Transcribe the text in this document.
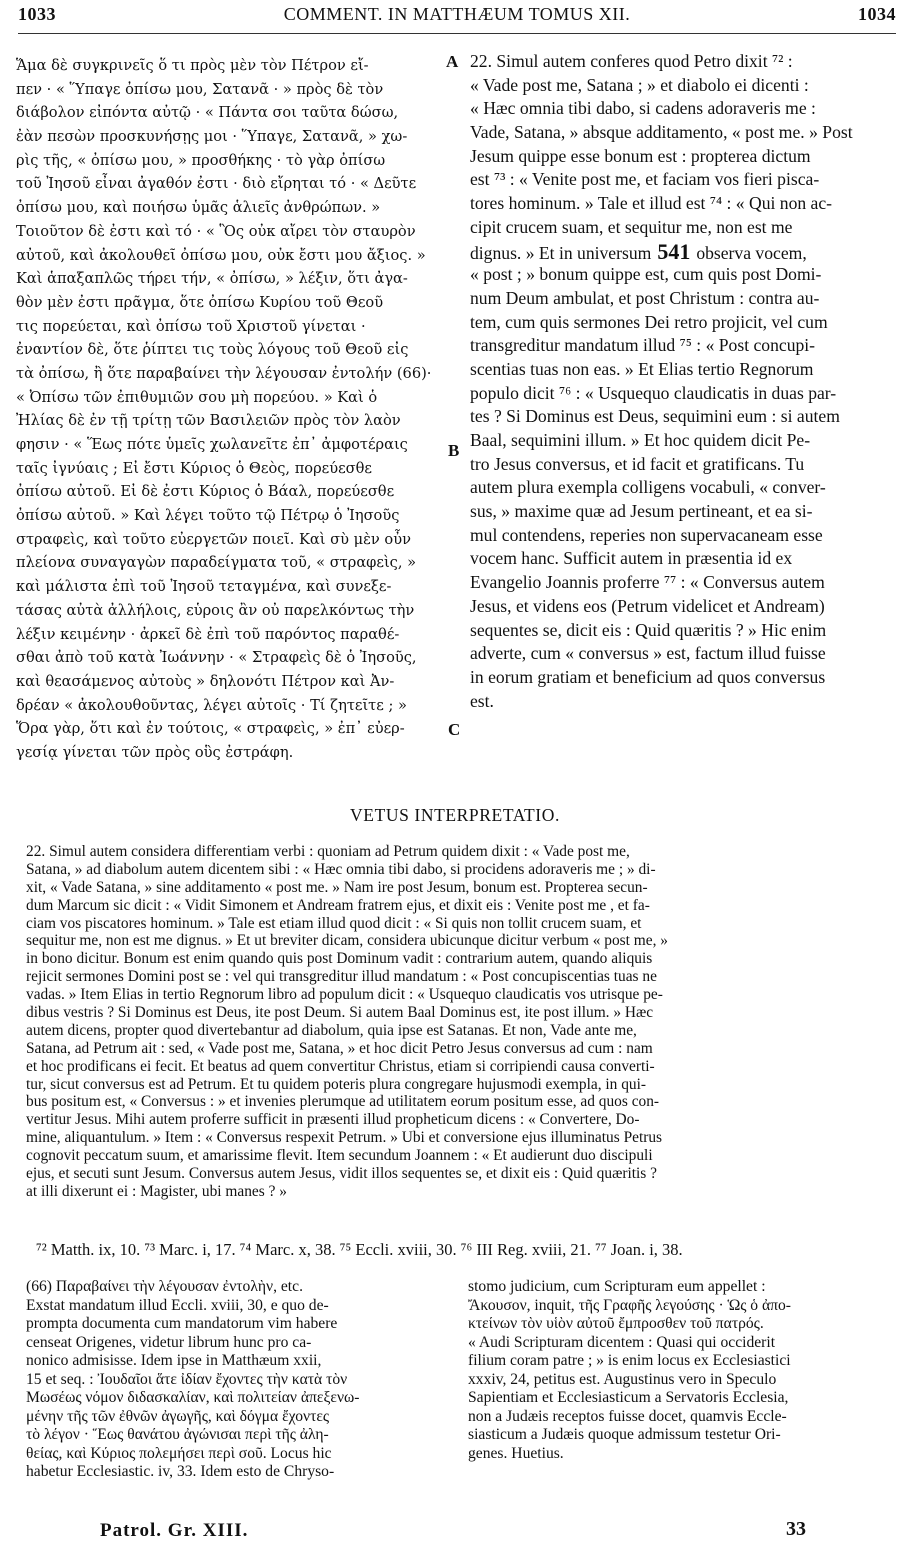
1033	COMMENT. IN MATTHÆUM TOMUS XII.	1034
Ἅμα δὲ συγκρινεῖς ὅ τι πρὸς μὲν τὸν Πέτρον εἴ-
πεν · « Ὕπαγε ὀπίσω μου, Σατανᾶ · » πρὸς δὲ τὸν
διάβολον εἰπόντα αὐτῷ · « Πάντα σοι ταῦτα δώσω,
ἐὰν πεσὼν προσκυνήσῃς μοι · Ὕπαγε, Σατανᾶ, » χω-
ρὶς τῆς, « ὀπίσω μου, » προσθήκης · τὸ γὰρ ὀπίσω
τοῦ Ἰησοῦ εἶναι ἀγαθόν ἐστι · διὸ εἴρηται τό · « Δεῦτε
ὀπίσω μου, καὶ ποιήσω ὑμᾶς ἁλιεῖς ἀνθρώπων. »
Τοιοῦτον δὲ ἐστι καὶ τό · « Ὃς οὐκ αἴρει τὸν σταυρὸν
αὐτοῦ, καὶ ἀκολουθεῖ ὀπίσω μου, οὐκ ἔστι μου ἄξιος. »
Καὶ ἁπαξαπλῶς τήρει τήν, « ὀπίσω, » λέξιν, ὅτι ἀγα-
θὸν μὲν ἐστι πρᾶγμα, ὅτε ὀπίσω Κυρίου τοῦ Θεοῦ
τις πορεύεται, καὶ ὀπίσω τοῦ Χριστοῦ γίνεται ·
ἐναντίον δὲ, ὅτε ῥίπτει τις τοὺς λόγους τοῦ Θεοῦ εἰς
τὰ ὀπίσω, ἢ ὅτε παραβαίνει τὴν λέγουσαν ἐντολήν (66)·
« Ὀπίσω τῶν ἐπιθυμιῶν σου μὴ πορεύου. » Καὶ ὁ
Ἠλίας δὲ ἐν τῇ τρίτῃ τῶν Βασιλειῶν πρὸς τὸν λαὸν
φησιν · « Ἕως πότε ὑμεῖς χωλανεῖτε ἐπ᾽ ἀμφοτέραις
ταῖς ἰγνύαις ; Εἰ ἔστι Κύριος ὁ Θεὸς, πορεύεσθε
ὀπίσω αὐτοῦ. Εἰ δὲ ἐστι Κύριος ὁ Βάαλ, πορεύεσθε
ὀπίσω αὐτοῦ. » Καὶ λέγει τοῦτο τῷ Πέτρῳ ὁ Ἰησοῦς
στραφεὶς, καὶ τοῦτο εὐεργετῶν ποιεῖ. Καὶ σὺ μὲν οὖν
πλείονα συναγαγὼν παραδείγματα τοῦ, « στραφεὶς, »
καὶ μάλιστα ἐπὶ τοῦ Ἰησοῦ τεταγμένα, καὶ συνεξε-
τάσας αὐτὰ ἀλλήλοις, εὑροις ἂν οὐ παρελκόντως τὴν
λέξιν κειμένην · ἀρκεῖ δὲ ἐπὶ τοῦ παρόντος παραθέ-
σθαι ἀπὸ τοῦ κατὰ Ἰωάννην · « Στραφεὶς δὲ ὁ Ἰησοῦς,
καὶ θεασάμενος αὐτοὺς » δηλονότι Πέτρον καὶ Ἀν-
δρέαν « ἀκολουθοῦντας, λέγει αὐτοῖς · Τί ζητεῖτε ; »
Ὅρα γὰρ, ὅτι καὶ ἐν τούτοις, « στραφεὶς, » ἐπ᾽ εὐερ-
γεσίᾳ γίνεται τῶν πρὸς οὓς ἐστράφη.
A
B
C
22. Simul autem conferes quod Petro dixit ⁷² :
« Vade post me, Satana ; » et diabolo ei dicenti :
« Hæc omnia tibi dabo, si cadens adoraveris me :
Vade, Satana, » absque additamento, « post me. » Post
Jesum quippe esse bonum est : propterea dictum
est ⁷³ : « Venite post me, et faciam vos fieri pisca-
tores hominum. » Tale et illud est ⁷⁴ : « Qui non ac-
cipit crucem suam, et sequitur me, non est me
dignus. » Et in universum 541 observa vocem,
« post ; » bonum quippe est, cum quis post Domi-
num Deum ambulat, et post Christum : contra au-
tem, cum quis sermones Dei retro projicit, vel cum
transgreditur mandatum illud ⁷⁵ : « Post concupi-
scentias tuas non eas. » Et Elias tertio Regnorum
populo dicit ⁷⁶ : « Usquequo claudicatis in duas par-
tes ? Si Dominus est Deus, sequimini eum : si autem
Baal, sequimini illum. » Et hoc quidem dicit Pe-
tro Jesus conversus, et id facit et gratificans. Tu
autem plura exempla colligens vocabuli, « conver-
sus, » maxime quæ ad Jesum pertineant, et ea si-
mul contendens, reperies non supervacaneam esse
vocem hanc. Sufficit autem in præsentia id ex
Evangelio Joannis proferre ⁷⁷ : « Conversus autem
Jesus, et videns eos (Petrum videlicet et Andream)
sequentes se, dicit eis : Quid quæritis ? » Hic enim
adverte, cum « conversus » est, factum illud fuisse
in eorum gratiam et beneficium ad quos conversus
est.
VETUS INTERPRETATIO.
22. Simul autem considera differentiam verbi : quoniam ad Petrum quidem dixit : « Vade post me,
Satana, » ad diabolum autem dicentem sibi : « Hæc omnia tibi dabo, si procidens adoraveris me ; » di-
xit, « Vade Satana, » sine additamento « post me. » Nam ire post Jesum, bonum est. Propterea secun-
dum Marcum sic dicit : « Vidit Simonem et Andream fratrem ejus, et dixit eis : Venite post me , et fa-
ciam vos piscatores hominum. » Tale est etiam illud quod dicit : « Si quis non tollit crucem suam, et
sequitur me, non est me dignus. » Et ut breviter dicam, considera ubicunque dicitur verbum « post me, »
in bono dicitur. Bonum est enim quando quis post Dominum vadit : contrarium autem, quando aliquis
rejicit sermones Domini post se : vel qui transgreditur illud mandatum : « Post concupiscentias tuas ne
vadas. » Item Elias in tertio Regnorum libro ad populum dicit : « Usquequo claudicatis vos utrisque pe-
dibus vestris ? Si Dominus est Deus, ite post Deum. Si autem Baal Dominus est, ite post illum. » Hæc
autem dicens, propter quod divertebantur ad diabolum, quia ipse est Satanas. Et non, Vade ante me,
Satana, ad Petrum ait : sed, « Vade post me, Satana, » et hoc dicit Petro Jesus conversus ad cum : nam
et hoc prodificans ei fecit. Et beatus ad quem convertitur Christus, etiam si corripiendi causa converti-
tur, sicut conversus est ad Petrum. Et tu quidem poteris plura congregare hujusmodi exempla, in qui-
bus positum est, « Conversus : » et invenies plerumque ad utilitatem eorum positum esse, ad quos con-
vertitur Jesus. Mihi autem proferre sufficit in præsenti illud propheticum dicens : « Convertere, Do-
mine, aliquantulum. » Item : « Conversus respexit Petrum. » Ubi et conversione ejus illuminatus Petrus
cognovit peccatum suum, et amarissime flevit. Item secundum Joannem : « Et audierunt duo discipuli
ejus, et secuti sunt Jesum. Conversus autem Jesus, vidit illos sequentes se, et dixit eis : Quid quæritis ?
at illi dixerunt ei : Magister, ubi manes ? »
⁷² Matth. ix, 10. ⁷³ Marc. i, 17. ⁷⁴ Marc. x, 38. ⁷⁵ Eccli. xviii, 30. ⁷⁶ III Reg. xviii, 21. ⁷⁷ Joan. i, 38.
(66) Παραβαίνει τὴν λέγουσαν ἐντολὴν, etc.
Exstat mandatum illud Eccli. xviii, 30, e quo de-
prompta documenta cum mandatorum vim habere
censeat Origenes, videtur librum hunc pro ca-
nonico admisisse. Idem ipse in Matthæum xxii,
15 et seq. : Ἰουδαῖοι ἅτε ἰδίαν ἔχοντες τὴν κατὰ τὸν
Μωσέως νόμον διδασκαλίαν, καὶ πολιτείαν ἀπεξενω-
μένην τῆς τῶν ἐθνῶν ἀγωγῆς, καὶ δόγμα ἔχοντες
τὸ λέγον · Ἕως θανάτου ἀγώνισαι περὶ τῆς ἀλη-
θείας, καὶ Κύριος πολεμήσει περὶ σοῦ. Locus hic
habetur Ecclesiastic. iv, 33. Idem esto de Chryso-
stomo judicium, cum Scripturam eum appellet :
Ἄκουσον, inquit, τῆς Γραφῆς λεγούσης · Ὡς ὁ ἀπο-
κτείνων τὸν υἱὸν αὐτοῦ ἔμπροσθεν τοῦ πατρός.
« Audi Scripturam dicentem : Quasi qui occiderit
filium coram patre ; » is enim locus ex Ecclesiastici
xxxiv, 24, petitus est. Augustinus vero in Speculo
Sapientiam et Ecclesiasticum a Servatoris Ecclesia,
non a Judæis receptos fuisse docet, quamvis Eccle-
siasticum a Judæis quoque admissum testetur Ori-
genes. Huetius.
Patrol. Gr. XIII.	33
